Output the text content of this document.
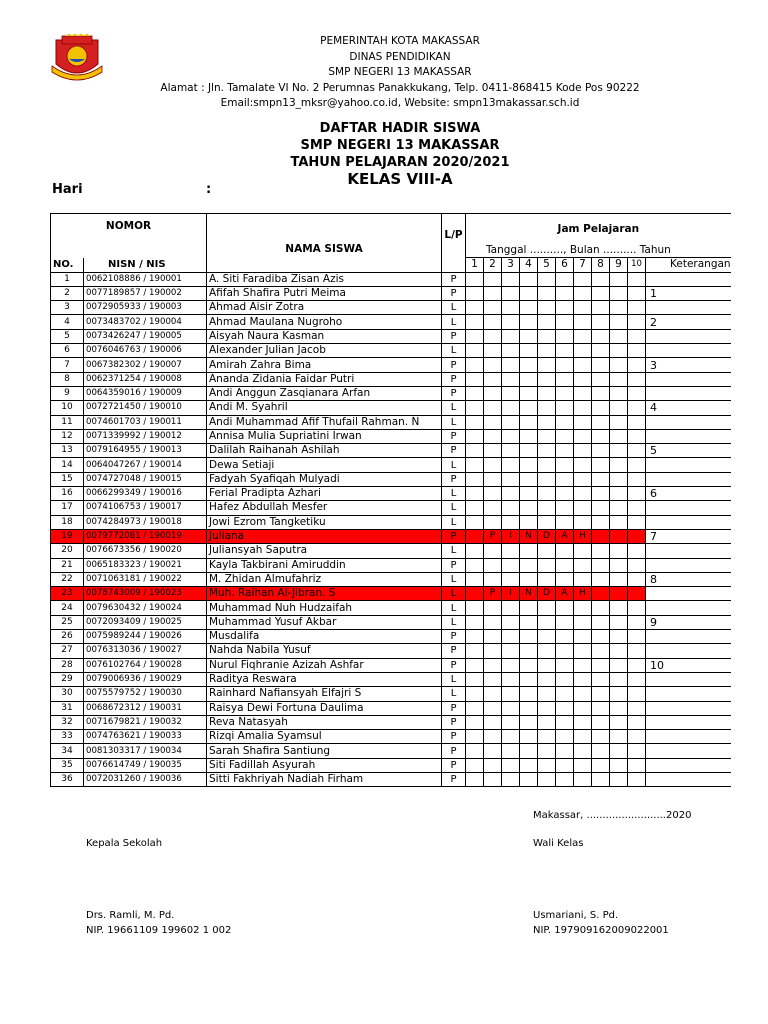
PEMERINTAH KOTA MAKASSAR
DINAS PENDIDIKAN
SMP NEGERI 13 MAKASSAR
Alamat : Jln. Tamalate VI No. 2 Perumnas Panakkukang, Telp. 0411-868415 Kode Pos 90222
Email:smpn13_mksr@yahoo.co.id, Website: smpn13makassar.sch.id
DAFTAR HADIR SISWA
SMP NEGERI 13 MAKASSAR
TAHUN PELAJARAN 2020/2021
KELAS VIII-A
Hari	:
NOMOR		NAMA SISWA	L/P	Jam Pelajaran										
				Tanggal .........., Bulan .......... Tahun										
NO.	NISN / NIS			1	2	3	4	5	6	7	8	9	10	Keterangan
1	0062108886 / 190001	A. Siti Faradiba Zisan Azis	P											
2	0077189857 / 190002	Afifah Shafira Putri Meima	P											1
3	0072905933 / 190003	Ahmad Aisir Zotra	L											
4	0073483702 / 190004	Ahmad Maulana Nugroho	L											2
5	0073426247 / 190005	Aisyah Naura Kasman	P											
6	0076046763 / 190006	Alexander Julian Jacob	L											
7	0067382302 / 190007	Amirah Zahra Bima	P											3
8	0062371254 / 190008	Ananda Zidania Faidar Putri	P											
9	0064359016 / 190009	Andi Anggun Zasqianara Arfan	P											
10	0072721450 / 190010	Andi M. Syahril	L											4
11	0074601703 / 190011	Andi Muhammad Afif Thufail Rahman. N	L											
12	0071339992 / 190012	Annisa Mulia Supriatini Irwan	P											
13	0079164955 / 190013	Dalilah Raihanah Ashilah	P											5
14	0064047267 / 190014	Dewa Setiaji	L											
15	0074727048 / 190015	Fadyah Syafiqah Mulyadi	P											
16	0066299349 / 190016	Ferial Pradipta Azhari	L											6
17	0074106753 / 190017	Hafez Abdullah Mesfer	L											
18	0074284973 / 190018	Jowi Ezrom Tangketiku	L											
19	0079772081 / 190019	Juliana	P		P	I	N	D	A	H				7
20	0076673356 / 190020	Juliansyah Saputra	L											
21	0065183323 / 190021	Kayla Takbirani Amiruddin	P											
22	0071063181 / 190022	M. Zhidan Almufahriz	L											8
23	0078743009 / 190023	Muh. Raihan Al-Jibran. S	L		P	I	N	D	A	H				
24	0079630432 / 190024	Muhammad Nuh Hudzaifah	L											
25	0072093409 / 190025	Muhammad Yusuf Akbar	L											9
26	0075989244 / 190026	Musdalifa	P											
27	0076313036 / 190027	Nahda Nabila Yusuf	P											
28	0076102764 / 190028	Nurul Fiqhranie Azizah Ashfar	P											10
29	0079006936 / 190029	Raditya Reswara	L											
30	0075579752 / 190030	Rainhard Nafiansyah Elfajri S	L											
31	0068672312 / 190031	Raisya Dewi Fortuna Daulima	P											
32	0071679821 / 190032	Reva Natasyah	P											
33	0074763621 / 190033	Rizqi Amalia Syamsul	P											
34	0081303317 / 190034	Sarah Shafira Santiung	P											
35	0076614749 / 190035	Siti Fadillah Asyurah	P											
36	0072031260 / 190036	Sitti Fakhriyah Nadiah Firham	P											
Makassar, .........................2020
Kepala Sekolah	Wali Kelas
Drs. Ramli, M. Pd.
NIP. 19661109 199602 1 002
Usmariani, S. Pd.
NIP. 197909162009022001
